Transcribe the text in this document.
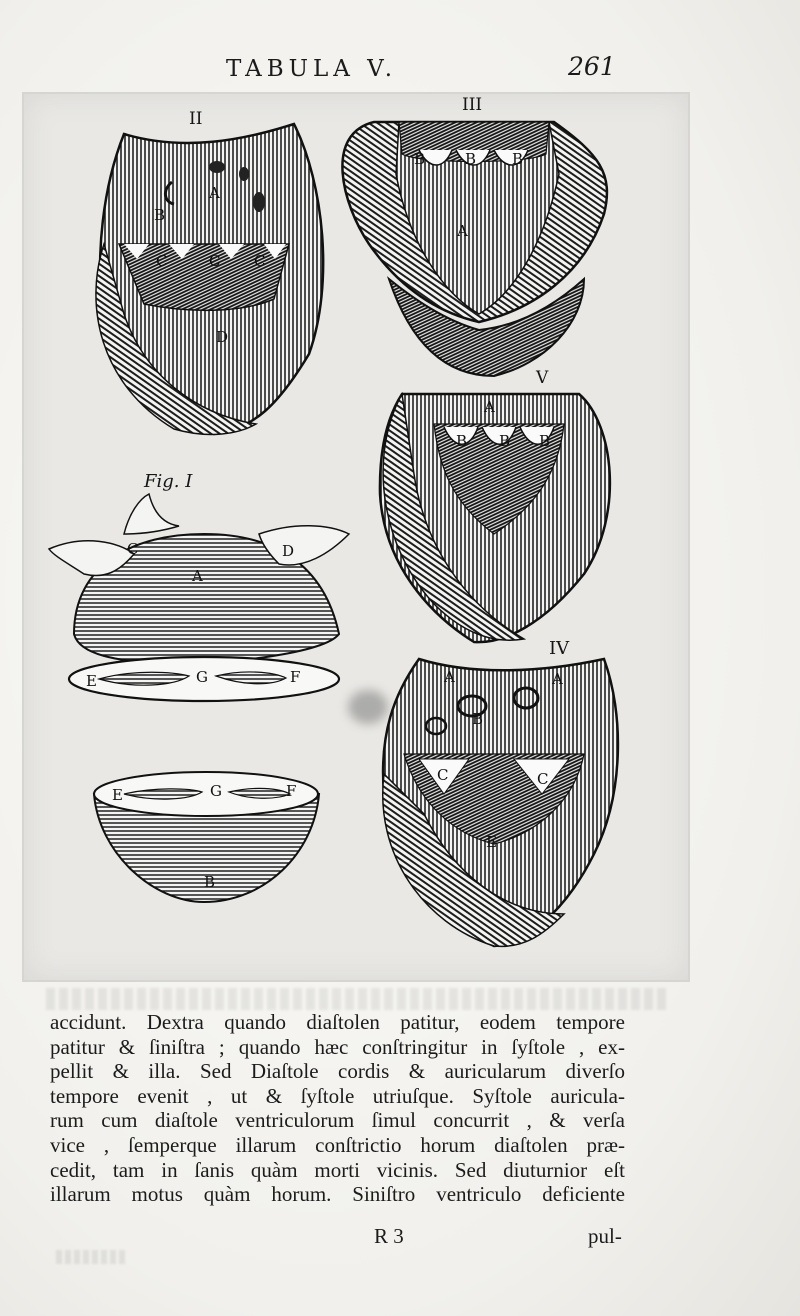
TABULA V.	261
II
A
B
C	C C
D
III
B	B B
A
V
A
B B B
Fig. I
C	D
A
E	G	F
E	G	F
B
IV
A	A
B
C	C
E
accidunt. Dextra quando diaſtolen patitur, eodem tempore
patitur & ſiniſtra ; quando hæc conſtringitur in ſyſtole , ex-
pellit & illa. Sed Diaſtole cordis & auricularum diverſo
tempore evenit , ut & ſyſtole utriuſque. Syſtole auricula-
rum cum diaſtole ventriculorum ſimul concurrit , & verſa
vice , ſemperque illarum conſtrictio horum diaſtolen præ-
cedit, tam in ſanis quàm morti vicinis. Sed diuturnior eſt
illarum motus quàm horum. Siniſtro ventriculo deficiente
R 3	pul-
